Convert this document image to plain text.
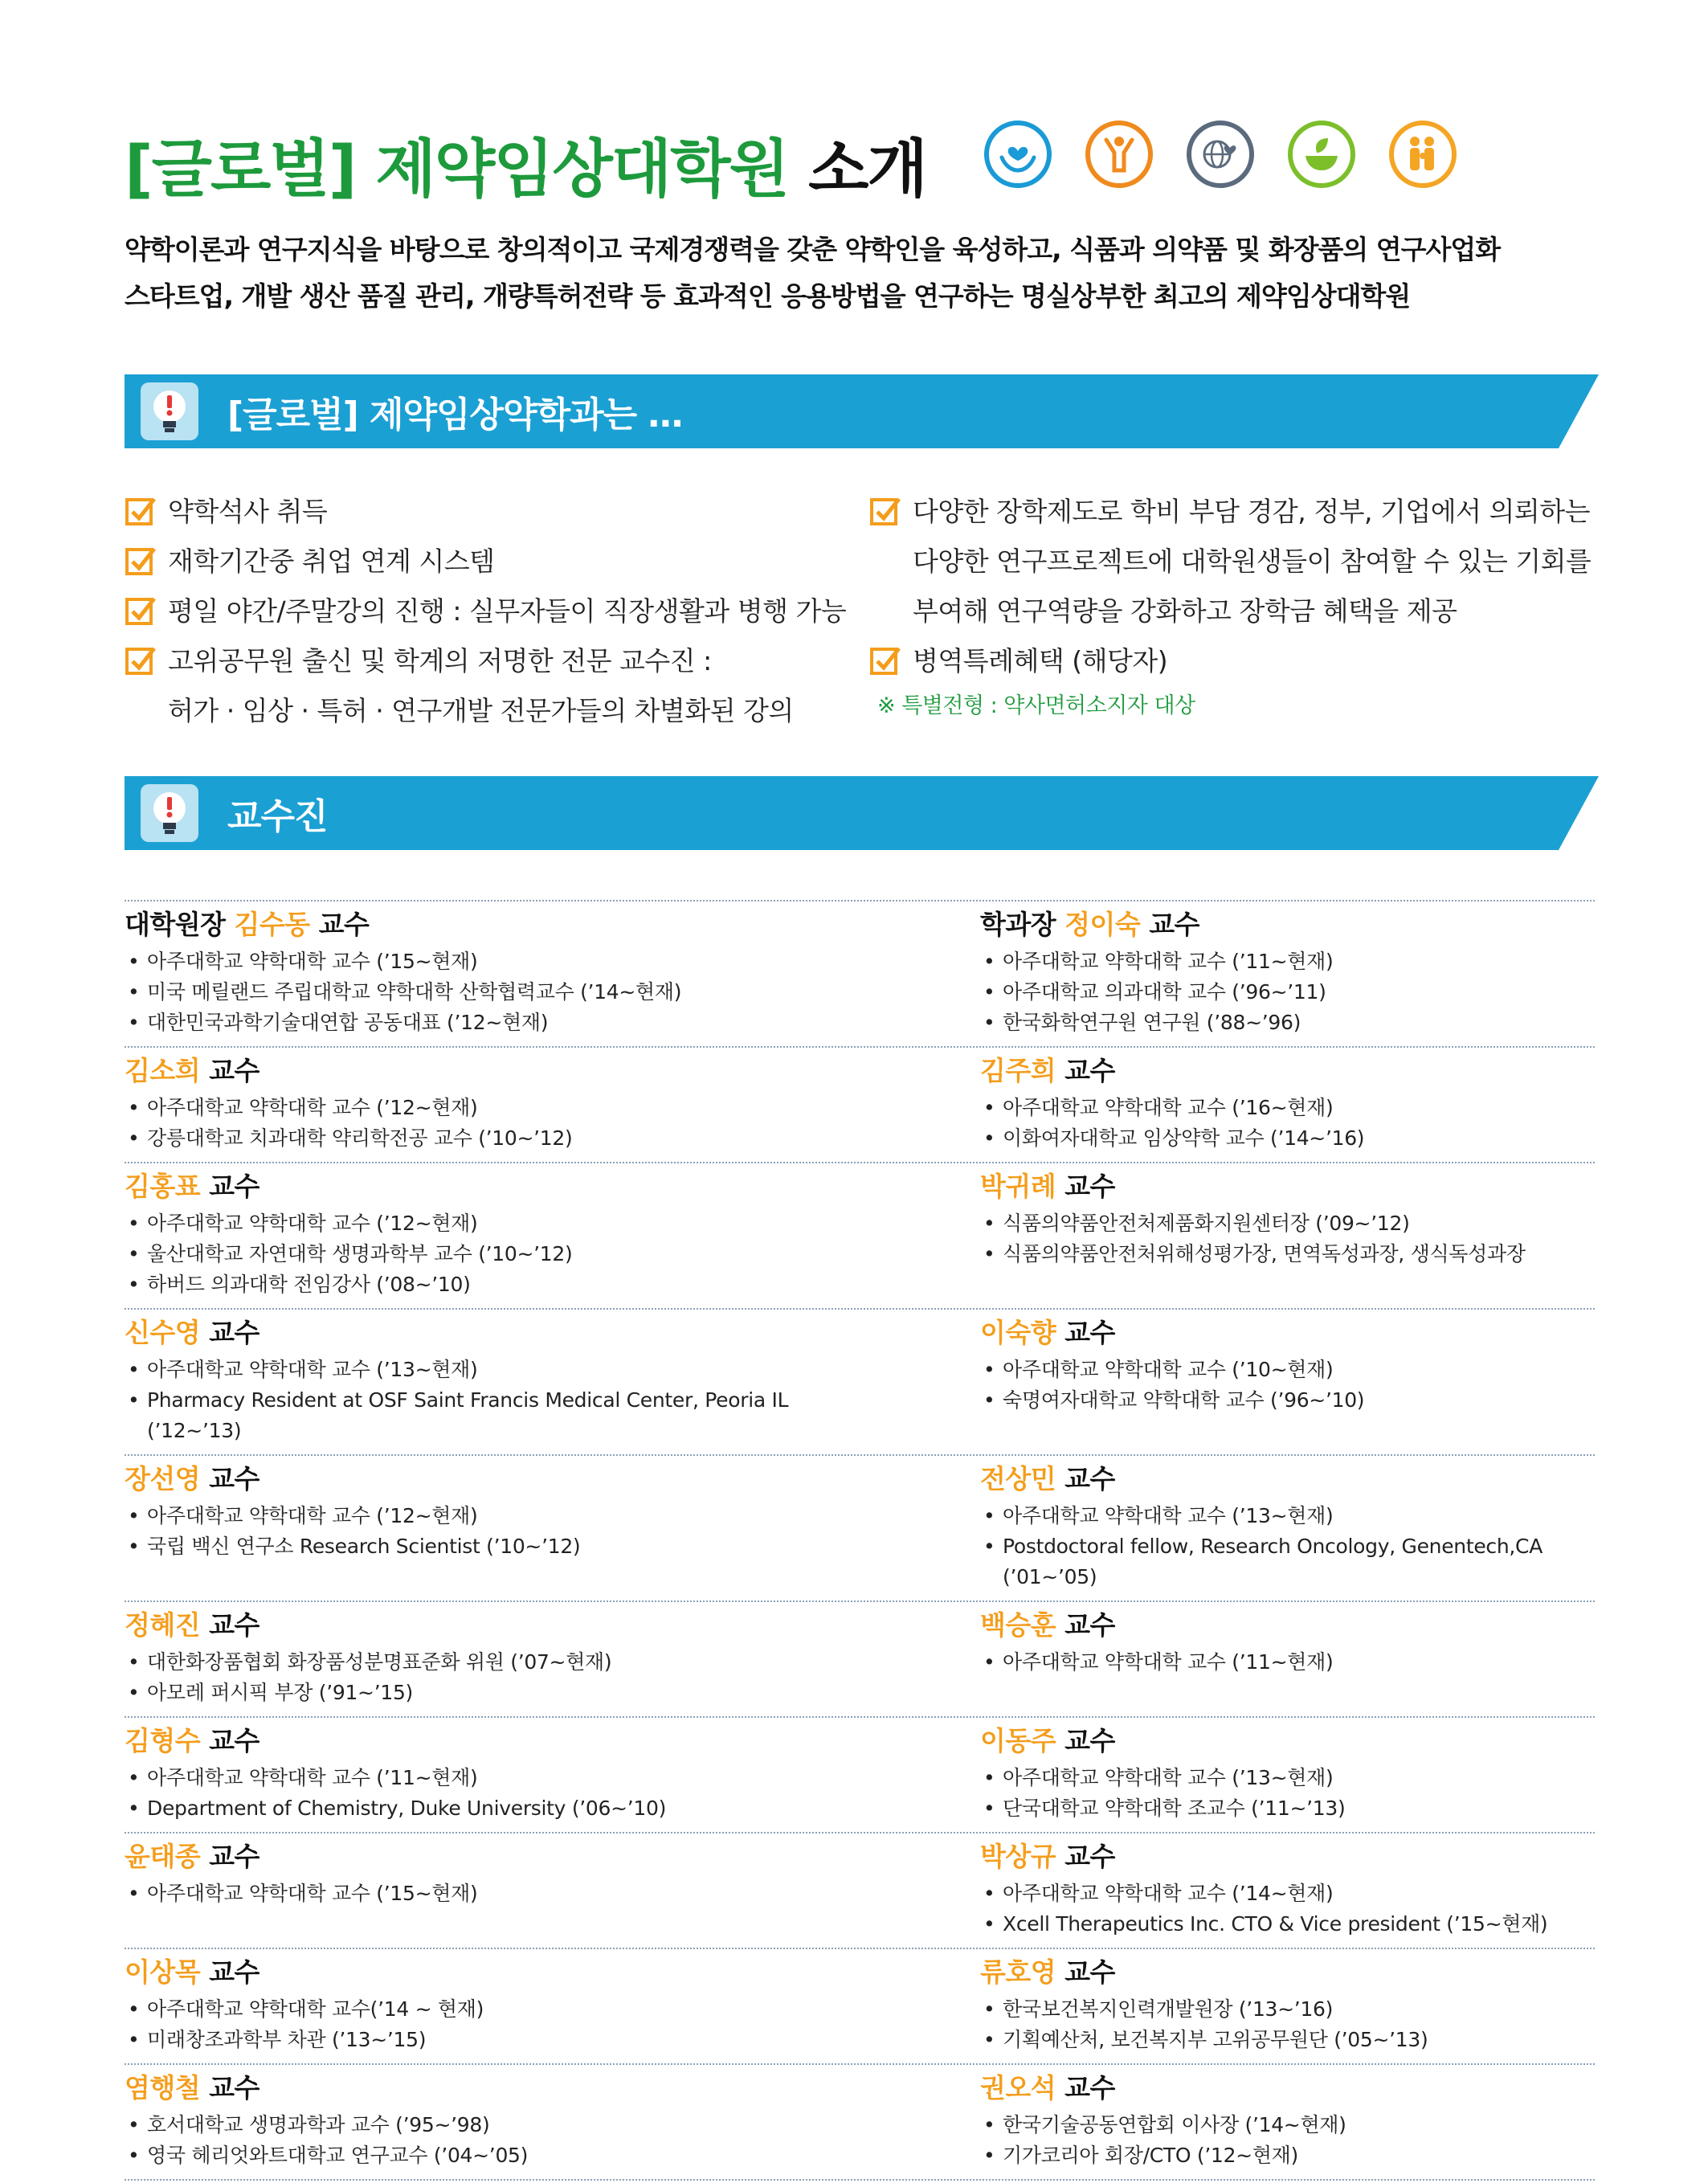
[글로벌] 제약임상대학원 소개
약학이론과 연구지식을 바탕으로 창의적이고 국제경쟁력을 갖춘 약학인을 육성하고, 식품과 의약품 및 화장품의 연구사업화
스타트업, 개발 생산 품질 관리, 개량특허전략 등 효과적인 응용방법을 연구하는 명실상부한 최고의 제약임상대학원
[글로벌] 제약임상약학과는 …
약학석사 취득
재학기간중 취업 연계 시스템
평일 야간/주말강의 진행 : 실무자들이 직장생활과 병행 가능
고위공무원 출신 및 학계의 저명한 전문 교수진 :
허가 · 임상 · 특허 · 연구개발 전문가들의 차별화된 강의
다양한 장학제도로 학비 부담 경감, 정부, 기업에서 의뢰하는
다양한 연구프로젝트에 대학원생들이 참여할 수 있는 기회를
부여해 연구역량을 강화하고 장학금 혜택을 제공
병역특례혜택 (해당자)
※ 특별전형 : 약사면허소지자 대상
교수진
대학원장 김수동 교수
• 아주대학교 약학대학 교수 (’15~현재)
• 미국 메릴랜드 주립대학교 약학대학 산학협력교수 (’14~현재)
• 대한민국과학기술대연합 공동대표 (’12~현재)
학과장 정이숙 교수
• 아주대학교 약학대학 교수 (’11~현재)
• 아주대학교 의과대학 교수 (’96~’11)
• 한국화학연구원 연구원 (’88~’96)
김소희 교수
• 아주대학교 약학대학 교수 (’12~현재)
• 강릉대학교 치과대학 약리학전공 교수 (’10~’12)
김주희 교수
• 아주대학교 약학대학 교수 (’16~현재)
• 이화여자대학교 임상약학 교수 (’14~’16)
김홍표 교수
• 아주대학교 약학대학 교수 (’12~현재)
• 울산대학교 자연대학 생명과학부 교수 (’10~’12)
• 하버드 의과대학 전임강사 (’08~’10)
박귀례 교수
• 식품의약품안전처제품화지원센터장 (’09~’12)
• 식품의약품안전처위해성평가장, 면역독성과장, 생식독성과장
신수영 교수
• 아주대학교 약학대학 교수 (’13~현재)
• Pharmacy Resident at OSF Saint Francis Medical Center, Peoria IL (’12~’13)
이숙향 교수
• 아주대학교 약학대학 교수 (’10~현재)
• 숙명여자대학교 약학대학 교수 (’96~’10)
장선영 교수
• 아주대학교 약학대학 교수 (’12~현재)
• 국립 백신 연구소 Research Scientist (’10~’12)
전상민 교수
• 아주대학교 약학대학 교수 (’13~현재)
• Postdoctoral fellow, Research Oncology, Genentech,CA (’01~’05)
정혜진 교수
• 대한화장품협회 화장품성분명표준화 위원 (’07~현재)
• 아모레 퍼시픽 부장 (’91~’15)
백승훈 교수
• 아주대학교 약학대학 교수 (’11~현재)
김형수 교수
• 아주대학교 약학대학 교수 (’11~현재)
• Department of Chemistry, Duke University (’06~’10)
이동주 교수
• 아주대학교 약학대학 교수 (’13~현재)
• 단국대학교 약학대학 조교수 (’11~’13)
윤태종 교수
• 아주대학교 약학대학 교수 (’15~현재)
박상규 교수
• 아주대학교 약학대학 교수 (’14~현재)
• Xcell Therapeutics Inc. CTO & Vice president (’15~현재)
이상목 교수
• 아주대학교 약학대학 교수(’14 ~ 현재)
• 미래창조과학부 차관 (’13~’15)
류호영 교수
• 한국보건복지인력개발원장 (’13~’16)
• 기획예산처, 보건복지부 고위공무원단 (’05~’13)
염행철 교수
• 호서대학교 생명과학과 교수 (’95~’98)
• 영국 헤리엇와트대학교 연구교수 (’04~’05)
권오석 교수
• 한국기술공동연합회 이사장 (’14~현재)
• 기가코리아 회장/CTO (’12~현재)
